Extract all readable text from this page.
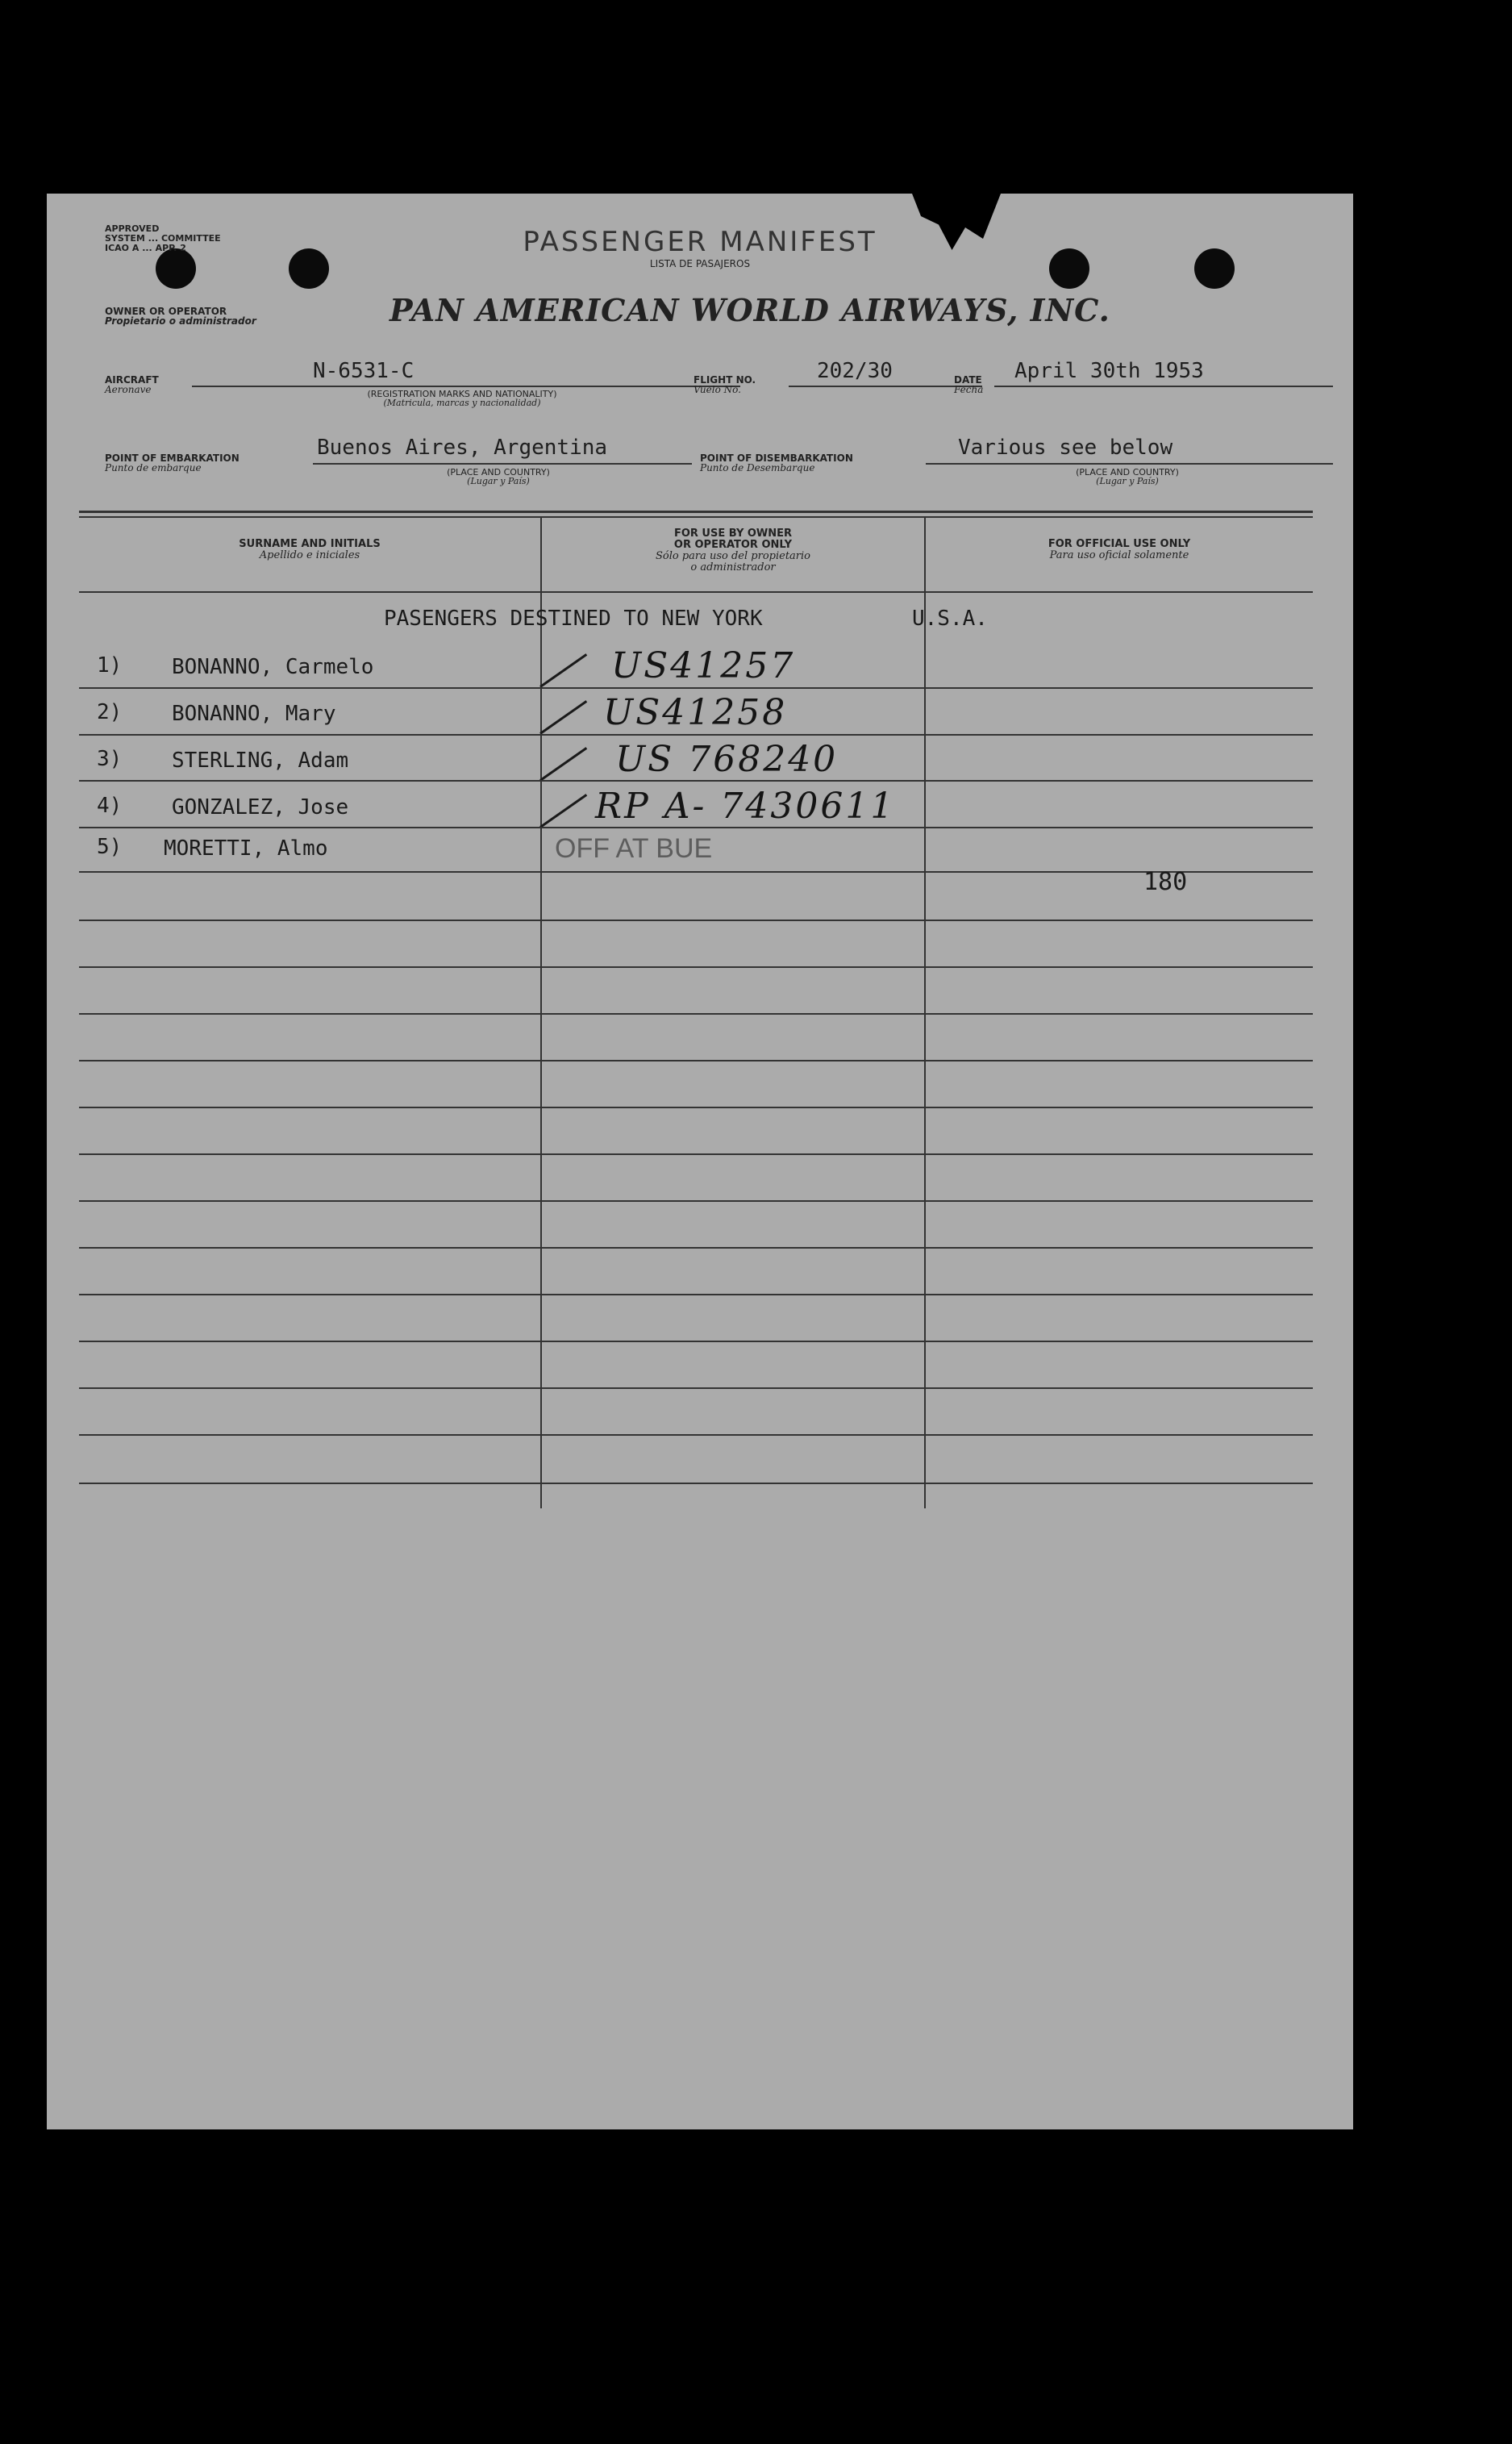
APPROVED
SYSTEM ... COMMITTEE
ICAO A ... APP. 2	PASSENGER MANIFEST
LISTA DE PASAJEROS
OWNER OR OPERATOR
Propietario o administrador	PAN AMERICAN WORLD AIRWAYS, INC.
AIRCRAFT
Aeronave
N-6531-C
(REGISTRATION MARKS AND NATIONALITY)
(Matricula, marcas y nacionalidad)
FLIGHT NO.
Vuelo No.
202/30	DATE
Fecha
April 30th 1953
POINT OF EMBARKATION
Punto de embarque
Buenos Aires, Argentina
(PLACE AND COUNTRY)
(Lugar y País)
POINT OF DISEMBARKATION
Punto de Desembarque
Various see below
(PLACE AND COUNTRY)
(Lugar y País)
SURNAME AND INITIALS
Apellido e iniciales
FOR USE BY OWNER
OR OPERATOR ONLY
Sólo para uso del propietario
o administrador
FOR OFFICIAL USE ONLY
Para uso oficial solamente
PASENGERS DESTINED TO NEW YORK	U.S.A.
1) BONANNO, Carmelo	US41257
2) BONANNO, Mary	US41258
3) STERLING, Adam	US 768240
4) GONZALEZ, Jose	RP A- 7430611
5) MORETTI, Almo	OFF AT BUE
180
